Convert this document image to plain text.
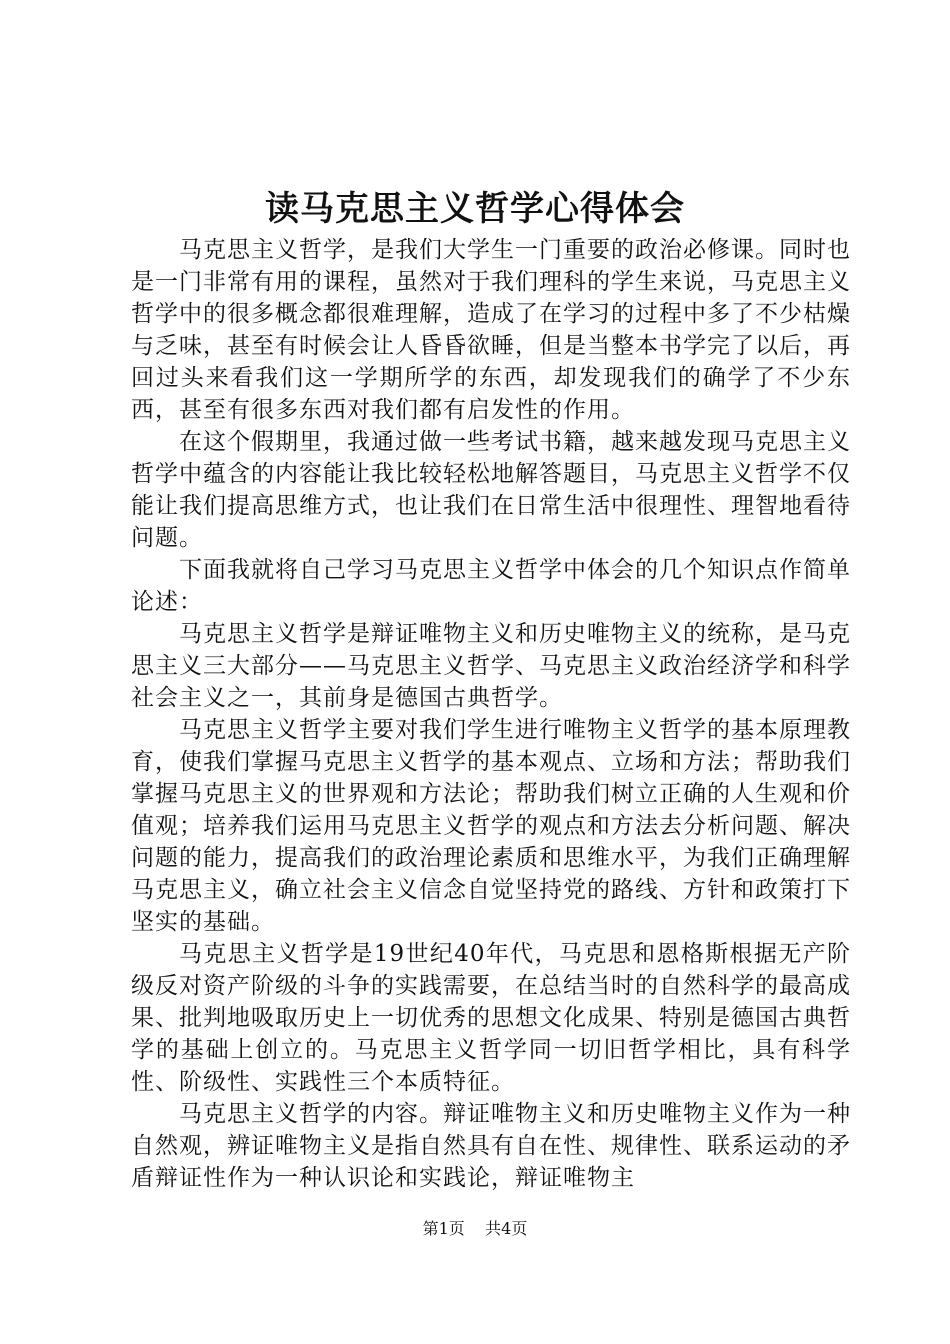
读马克思主义哲学心得体会

马克思主义哲学，是我们大学生一门重要的政治必修课。同时也是一门非常有用的课程，虽然对于我们理科的学生来说，马克思主义哲学中的很多概念都很难理解，造成了在学习的过程中多了不少枯燥与乏味，甚至有时候会让人昏昏欲睡，但是当整本书学完了以后，再回过头来看我们这一学期所学的东西，却发现我们的确学了不少东西，甚至有很多东西对我们都有启发性的作用。

在这个假期里，我通过做一些考试书籍，越来越发现马克思主义哲学中蕴含的内容能让我比较轻松地解答题目，马克思主义哲学不仅能让我们提高思维方式，也让我们在日常生活中很理性、理智地看待问题。

下面我就将自己学习马克思主义哲学中体会的几个知识点作简单论述：

马克思主义哲学是辩证唯物主义和历史唯物主义的统称，是马克思主义三大部分——马克思主义哲学、马克思主义政治经济学和科学社会主义之一，其前身是德国古典哲学。

马克思主义哲学主要对我们学生进行唯物主义哲学的基本原理教育，使我们掌握马克思主义哲学的基本观点、立场和方法；帮助我们掌握马克思主义的世界观和方法论；帮助我们树立正确的人生观和价值观；培养我们运用马克思主义哲学的观点和方法去分析问题、解决问题的能力，提高我们的政治理论素质和思维水平，为我们正确理解马克思主义，确立社会主义信念自觉坚持党的路线、方针和政策打下坚实的基础。

马克思主义哲学是19世纪40年代，马克思和恩格斯根据无产阶级反对资产阶级的斗争的实践需要，在总结当时的自然科学的最高成果、批判地吸取历史上一切优秀的思想文化成果、特别是德国古典哲学的基础上创立的。马克思主义哲学同一切旧哲学相比，具有科学性、阶级性、实践性三个本质特征。

马克思主义哲学的内容。辩证唯物主义和历史唯物主义作为一种自然观，辨证唯物主义是指自然具有自在性、规律性、联系运动的矛盾辩证性作为一种认识论和实践论，辩证唯物主

第1页 共4页
